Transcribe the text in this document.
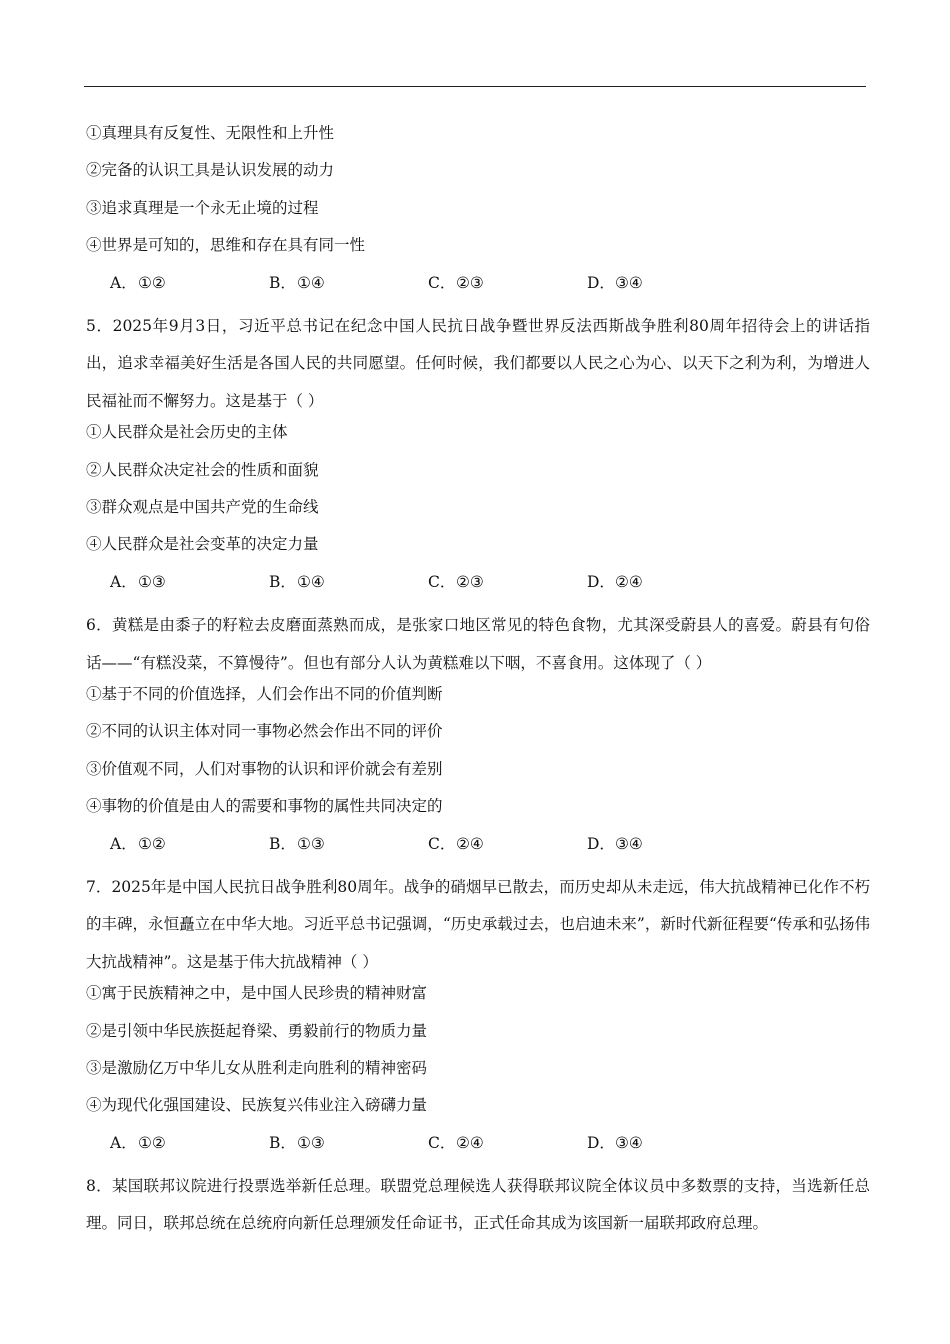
①真理具有反复性、无限性和上升性
②完备的认识工具是认识发展的动力
③追求真理是一个永无止境的过程
④世界是可知的，思维和存在具有同一性
A．①②	B．①④	C．②③	D．③④
5．2025年9月3日，习近平总书记在纪念中国人民抗日战争暨世界反法西斯战争胜利80周年招待会上的讲话指出，追求幸福美好生活是各国人民的共同愿望。任何时候，我们都要以人民之心为心、以天下之利为利，为增进人民福祉而不懈努力。这是基于（ ）
①人民群众是社会历史的主体
②人民群众决定社会的性质和面貌
③群众观点是中国共产党的生命线
④人民群众是社会变革的决定力量
A．①③	B．①④	C．②③	D．②④
6．黄糕是由黍子的籽粒去皮磨面蒸熟而成，是张家口地区常见的特色食物，尤其深受蔚县人的喜爱。蔚县有句俗话——“有糕没菜，不算慢待”。但也有部分人认为黄糕难以下咽，不喜食用。这体现了（ ）
①基于不同的价值选择，人们会作出不同的价值判断
②不同的认识主体对同一事物必然会作出不同的评价
③价值观不同，人们对事物的认识和评价就会有差别
④事物的价值是由人的需要和事物的属性共同决定的
A．①②	B．①③	C．②④	D．③④
7．2025年是中国人民抗日战争胜利80周年。战争的硝烟早已散去，而历史却从未走远，伟大抗战精神已化作不朽的丰碑，永恒矗立在中华大地。习近平总书记强调，“历史承载过去，也启迪未来”，新时代新征程要“传承和弘扬伟大抗战精神”。这是基于伟大抗战精神（ ）
①寓于民族精神之中，是中国人民珍贵的精神财富
②是引领中华民族挺起脊梁、勇毅前行的物质力量
③是激励亿万中华儿女从胜利走向胜利的精神密码
④为现代化强国建设、民族复兴伟业注入磅礴力量
A．①②	B．①③	C．②④	D．③④
8．某国联邦议院进行投票选举新任总理。联盟党总理候选人获得联邦议院全体议员中多数票的支持，当选新任总理。同日，联邦总统在总统府向新任总理颁发任命证书，正式任命其成为该国新一届联邦政府总理。
